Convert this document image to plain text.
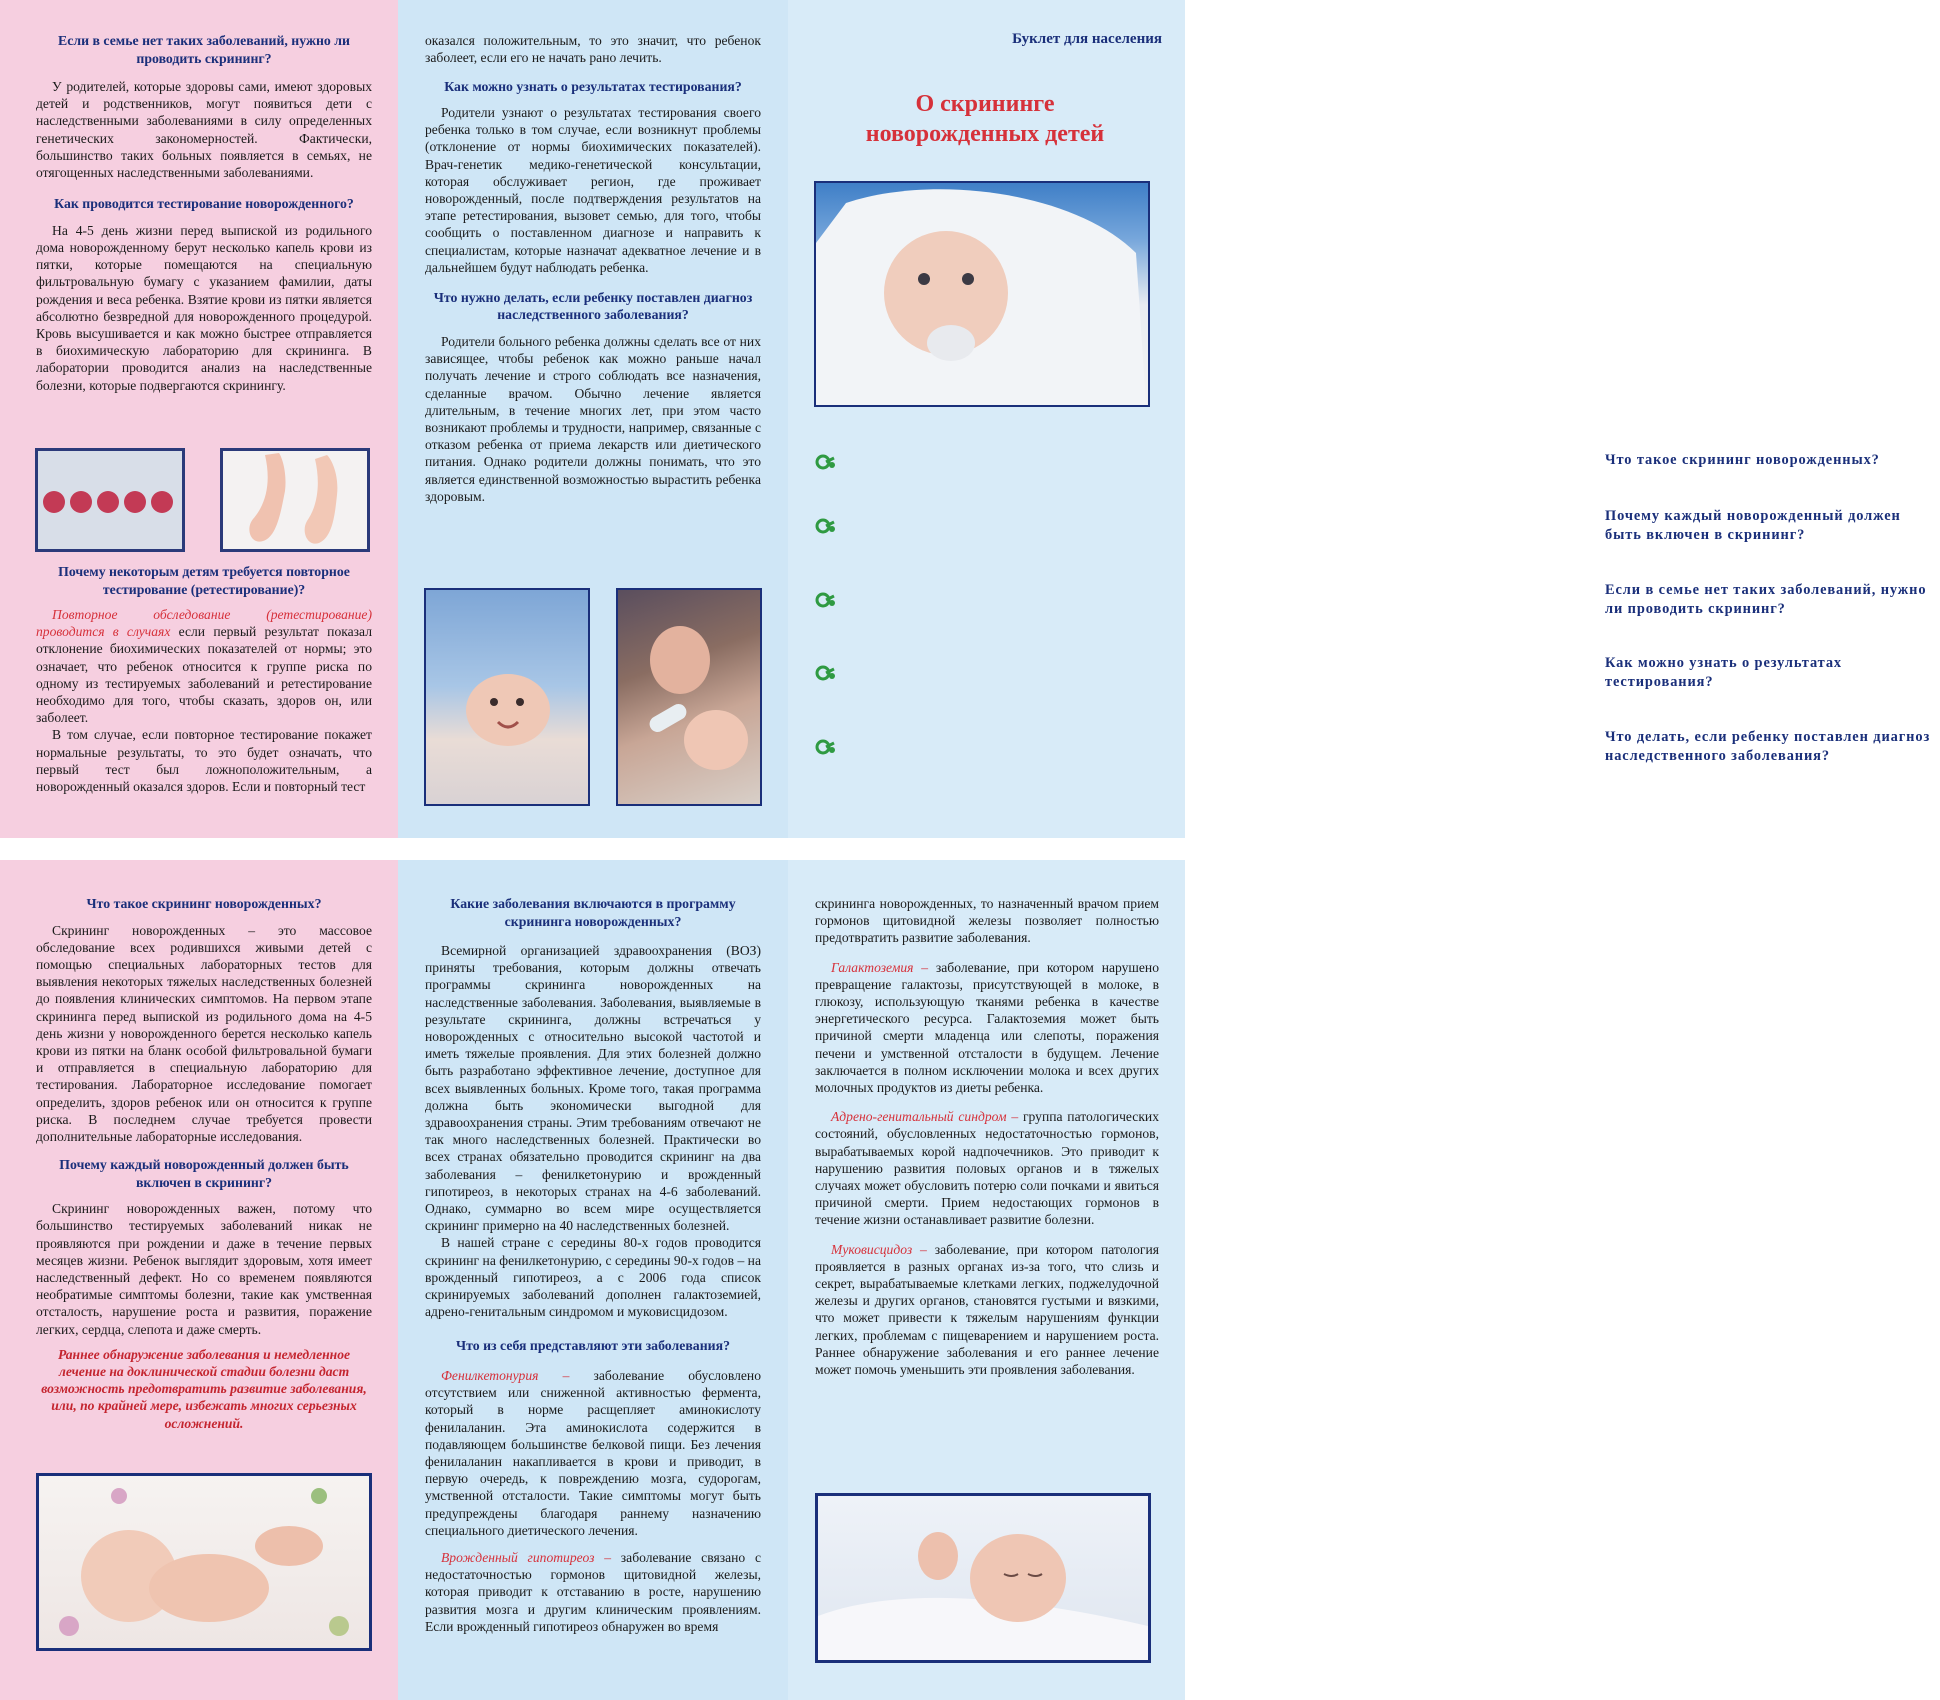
Если в семье нет таких заболеваний, нужно ли проводить скрининг?

У родителей, которые здоровы сами, имеют здоровых детей и родственников, могут появиться дети с наследственными заболеваниями в силу определенных генетических закономерностей. Фактически, большинство таких больных появляется в семьях, не отягощенных наследственными заболеваниями.

Как проводится тестирование новорожденного?

На 4-5 день жизни перед выпиской из родильного дома новорожденному берут несколько капель крови из пятки, которые помещаются на специальную фильтровальную бумагу с указанием фамилии, даты рождения и веса ребенка. Взятие крови из пятки является абсолютно безвредной для новорожденного процедурой. Кровь высушивается и как можно быстрее отправляется в биохимическую лабораторию для скрининга. В лаборатории проводится анализ на наследственные болезни, которые подвергаются скринингу.

Почему некоторым детям требуется повторное тестирование (ретестирование)?

Повторное обследование (ретестирование) проводится в случаях если первый результат показал отклонение биохимических показателей от нормы; это означает, что ребенок относится к группе риска по одному из тестируемых заболеваний и ретестирование необходимо для того, чтобы сказать, здоров он, или заболеет.

В том случае, если повторное тестирование покажет нормальные результаты, то это будет означать, что первый тест был ложноположительным, а новорожденный оказался здоров. Если и повторный тест

оказался положительным, то это значит, что ребенок заболеет, если его не начать рано лечить.

Как можно узнать о результатах тестирования?

Родители узнают о результатах тестирования своего ребенка только в том случае, если возникнут проблемы (отклонение от нормы биохимических показателей). Врач-генетик медико-генетической консультации, которая обслуживает регион, где проживает новорожденный, после подтверждения результатов на этапе ретестирования, вызовет семью, для того, чтобы сообщить о поставленном диагнозе и направить к специалистам, которые назначат адекватное лечение и в дальнейшем будут наблюдать ребенка.

Что нужно делать, если ребенку поставлен диагноз наследственного заболевания?

Родители больного ребенка должны сделать все от них зависящее, чтобы ребенок как можно раньше начал получать лечение и строго соблюдать все назначения, сделанные врачом. Обычно лечение является длительным, в течение многих лет, при этом часто возникают проблемы и трудности, например, связанные с отказом ребенка от приема лекарств или диетического питания. Однако родители должны понимать, что это является единственной возможностью вырастить ребенка здоровым.

Буклет для населения
О скрининге
новорожденных детей
Что такое скрининг новорожденных?
Почему каждый новорожденный должен быть включен в скрининг?
Если в семье нет таких заболеваний, нужно ли проводить скрининг?
Как можно узнать о результатах тестирования?
Что делать, если ребенку поставлен диагноз наследственного заболевания?
Что такое скрининг новорожденных?

Скрининг новорожденных – это массовое обследование всех родившихся живыми детей с помощью специальных лабораторных тестов для выявления некоторых тяжелых наследственных болезней до появления клинических симптомов. На первом этапе скрининга перед выпиской из родильного дома на 4-5 день жизни у новорожденного берется несколько капель крови из пятки на бланк особой фильтровальной бумаги и отправляется в специальную лабораторию для тестирования. Лабораторное исследование помогает определить, здоров ребенок или он относится к группе риска. В последнем случае требуется провести дополнительные лабораторные исследования.

Почему каждый новорожденный должен быть включен в скрининг?

Скрининг новорожденных важен, потому что большинство тестируемых заболеваний никак не проявляются при рождении и даже в течение первых месяцев жизни. Ребенок выглядит здоровым, хотя имеет наследственный дефект. Но со временем появляются необратимые симптомы болезни, такие как умственная отсталость, нарушение роста и развития, поражение легких, сердца, слепота и даже смерть.

Раннее обнаружение заболевания и немедленное лечение на доклинической стадии болезни даст возможность предотвратить развитие заболевания, или, по крайней мере, избежать многих серьезных осложнений.

Какие заболевания включаются в программу скрининга новорожденных?

Всемирной организацией здравоохранения (ВОЗ) приняты требования, которым должны отвечать программы скрининга новорожденных на наследственные заболевания. Заболевания, выявляемые в результате скрининга, должны встречаться у новорожденных с относительно высокой частотой и иметь тяжелые проявления. Для этих болезней должно быть разработано эффективное лечение, доступное для всех выявленных больных. Кроме того, такая программа должна быть экономически выгодной для здравоохранения страны. Этим требованиям отвечают не так много наследственных болезней. Практически во всех странах обязательно проводится скрининг на два заболевания – фенилкетонурию и врожденный гипотиреоз, в некоторых странах на 4-6 заболеваний. Однако, суммарно во всем мире осуществляется скрининг примерно на 40 наследственных болезней.

В нашей стране с середины 80-х годов проводится скрининг на фенилкетонурию, с середины 90-х годов – на врожденный гипотиреоз, а с 2006 года список скринируемых заболеваний дополнен галактоземией, адрено-генитальным синдромом и муковисцидозом.

Что из себя представляют эти заболевания?

Фенилкетонурия – заболевание обусловлено отсутствием или сниженной активностью фермента, который в норме расщепляет аминокислоту фенилаланин. Эта аминокислота содержится в подавляющем большинстве белковой пищи. Без лечения фенилаланин накапливается в крови и приводит, в первую очередь, к повреждению мозга, судорогам, умственной отсталости. Такие симптомы могут быть предупреждены благодаря раннему назначению специального диетического лечения.

Врожденный гипотиреоз – заболевание связано с недостаточностью гормонов щитовидной железы, которая приводит к отставанию в росте, нарушению развития мозга и другим клиническим проявлениям. Если врожденный гипотиреоз обнаружен во время

скрининга новорожденных, то назначенный врачом прием гормонов щитовидной железы позволяет полностью предотвратить развитие заболевания.

Галактоземия – заболевание, при котором нарушено превращение галактозы, присутствующей в молоке, в глюкозу, использующую тканями ребенка в качестве энергетического ресурса. Галактоземия может быть причиной смерти младенца или слепоты, поражения печени и умственной отсталости в будущем. Лечение заключается в полном исключении молока и всех других молочных продуктов из диеты ребенка.

Адрено-генитальный синдром – группа патологических состояний, обусловленных недостаточностью гормонов, вырабатываемых корой надпочечников. Это приводит к нарушению развития половых органов и в тяжелых случаях может обусловить потерю соли почками и явиться причиной смерти. Прием недостающих гормонов в течение жизни останавливает развитие болезни.

Муковисцидоз – заболевание, при котором патология проявляется в разных органах из-за того, что слизь и секрет, вырабатываемые клетками легких, поджелудочной железы и других органов, становятся густыми и вязкими, что может привести к тяжелым нарушениям функции легких, проблемам с пищеварением и нарушением роста. Раннее обнаружение заболевания и его раннее лечение может помочь уменьшить эти проявления заболевания.
